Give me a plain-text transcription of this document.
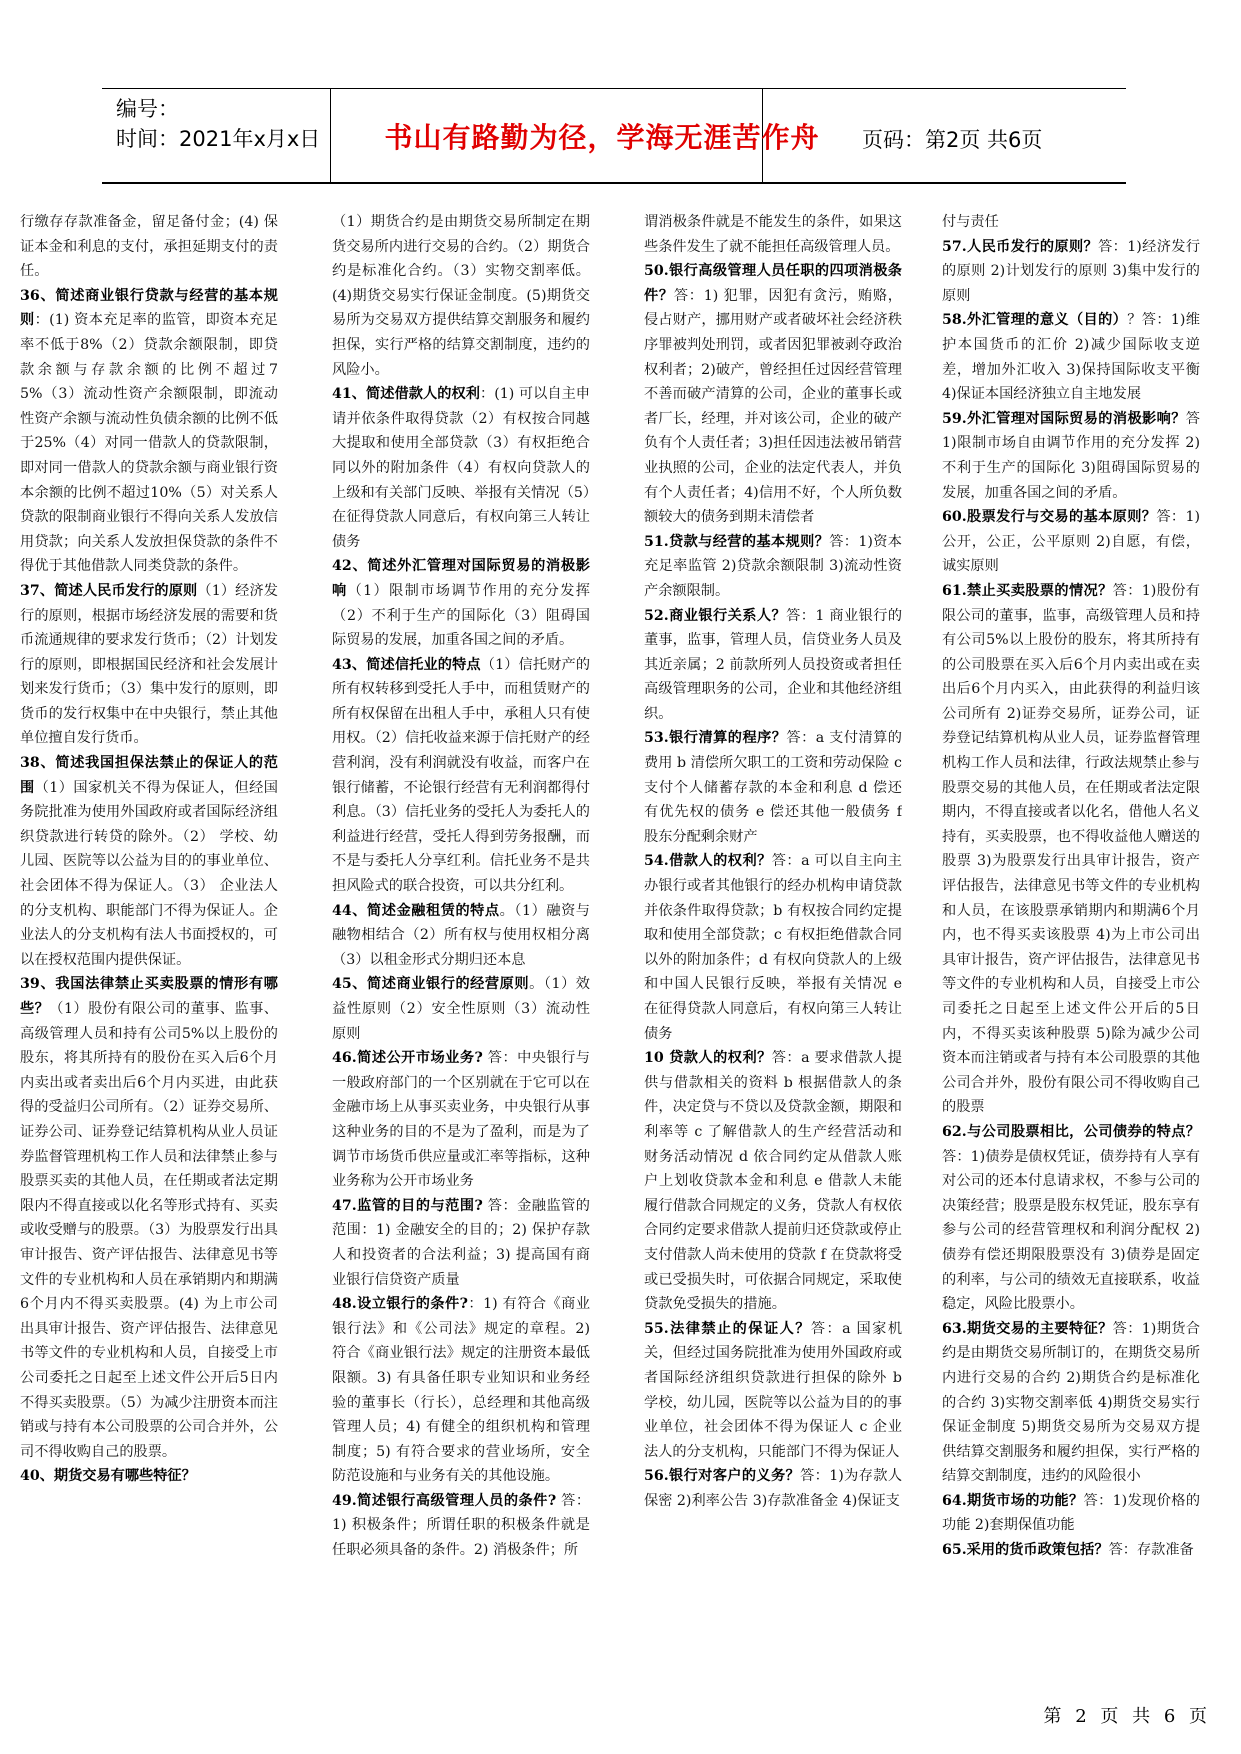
编号：
时间：2021年x月x日	书山有路勤为径，学海无涯苦作舟	页码：第2页 共6页

行缴存存款准备金，留足备付金；(4) 保证本金和利息的支付，承担延期支付的责任。

36、简述商业银行贷款与经营的基本规则：(1) 资本充足率的监管，即资本充足率不低于8%（2）贷款余额限制，即贷款余额与存款余额的比例不超过75%（3）流动性资产余额限制，即流动性资产余额与流动性负债余额的比例不低于25%（4）对同一借款人的贷款限制，即对同一借款人的贷款余额与商业银行资本余额的比例不超过10%（5）对关系人贷款的限制商业银行不得向关系人发放信用贷款；向关系人发放担保贷款的条件不得优于其他借款人同类贷款的条件。

37、简述人民币发行的原则（1）经济发行的原则，根据市场经济发展的需要和货币流通规律的要求发行货币；（2）计划发行的原则，即根据国民经济和社会发展计划来发行货币；（3）集中发行的原则，即货币的发行权集中在中央银行，禁止其他单位擅自发行货币。

38、简述我国担保法禁止的保证人的范围（1）国家机关不得为保证人，但经国务院批准为使用外国政府或者国际经济组织贷款进行转贷的除外。（2） 学校、幼儿园、医院等以公益为目的的事业单位、社会团体不得为保证人。（3） 企业法人的分支机构、职能部门不得为保证人。企业法人的分支机构有法人书面授权的，可以在授权范围内提供保证。

39、我国法律禁止买卖股票的情形有哪些？（1）股份有限公司的董事、监事、高级管理人员和持有公司5%以上股份的股东，将其所持有的股份在买入后6个月内卖出或者卖出后6个月内买进，由此获得的受益归公司所有。（2）证券交易所、证券公司、证券登记结算机构从业人员证券监督管理机构工作人员和法律禁止参与股票买卖的其他人员，在任期或者法定期限内不得直接或以化名等形式持有、买卖或收受赠与的股票。（3）为股票发行出具审计报告、资产评估报告、法律意见书等文件的专业机构和人员在承销期内和期满6个月内不得买卖股票。(4) 为上市公司出具审计报告、资产评估报告、法律意见书等文件的专业机构和人员，自接受上市公司委托之日起至上述文件公开后5日内不得买卖股票。（5）为减少注册资本而注销或与持有本公司股票的公司合并外，公司不得收购自己的股票。

40、期货交易有哪些特征？

（1）期货合约是由期货交易所制定在期货交易所内进行交易的合约。（2）期货合约是标准化合约。（3）实物交割率低。(4)期货交易实行保证金制度。(5)期货交易所为交易双方提供结算交割服务和履约担保，实行严格的结算交割制度，违约的风险小。

41、简述借款人的权利：(1) 可以自主申请并依条件取得贷款（2）有权按合同越大提取和使用全部贷款（3）有权拒绝合同以外的附加条件（4）有权向贷款人的上级和有关部门反映、举报有关情况（5）在征得贷款人同意后，有权向第三人转让债务

42、简述外汇管理对国际贸易的消极影响（1）限制市场调节作用的充分发挥（2）不利于生产的国际化（3）阻碍国际贸易的发展，加重各国之间的矛盾。

43、简述信托业的特点（1）信托财产的所有权转移到受托人手中，而租赁财产的所有权保留在出租人手中，承租人只有使用权。（2）信托收益来源于信托财产的经营利润，没有利润就没有收益，而客户在银行储蓄，不论银行经营有无利润都得付利息。（3）信托业务的受托人为委托人的利益进行经营，受托人得到劳务报酬，而不是与委托人分享红利。信托业务不是共担风险式的联合投资，可以共分红利。

44、简述金融租赁的特点。（1）融资与融物相结合（2）所有权与使用权相分离（3）以租金形式分期归还本息

45、简述商业银行的经营原则。（1）效益性原则（2）安全性原则（3）流动性原则

46.简述公开市场业务? 答：中央银行与一般政府部门的一个区别就在于它可以在金融市场上从事买卖业务，中央银行从事这种业务的目的不是为了盈利，而是为了调节市场货币供应量或汇率等指标，这种业务称为公开市场业务

47.监管的目的与范围? 答：金融监管的范围：1) 金融安全的目的；2) 保护存款人和投资者的合法利益；3) 提高国有商业银行信贷资产质量

48.设立银行的条件?：1) 有符合《商业银行法》和《公司法》规定的章程。2) 符合《商业银行法》规定的注册资本最低限额。3) 有具备任职专业知识和业务经验的董事长（行长），总经理和其他高级管理人员；4) 有健全的组织机构和管理制度；5) 有符合要求的营业场所，安全防范设施和与业务有关的其他设施。

49.简述银行高级管理人员的条件? 答：1) 积极条件；所谓任职的积极条件就是任职必须具备的条件。2) 消极条件；所

谓消极条件就是不能发生的条件，如果这些条件发生了就不能担任高级管理人员。

50.银行高级管理人员任职的四项消极条件？答：1) 犯罪，因犯有贪污，贿赂，侵占财产，挪用财产或者破坏社会经济秩序罪被判处刑罚，或者因犯罪被剥夺政治权利者；2)破产，曾经担任过因经营管理不善而破产清算的公司，企业的董事长或者厂长，经理，并对该公司，企业的破产负有个人责任者；3)担任因违法被吊销营业执照的公司，企业的法定代表人，并负有个人责任者；4)信用不好，个人所负数额较大的债务到期未清偿者

51.贷款与经营的基本规则？答：1)资本充足率监管 2)贷款余额限制 3)流动性资产余额限制。

52.商业银行关系人？答：1 商业银行的董事，监事，管理人员，信贷业务人员及其近亲属；2 前款所列人员投资或者担任高级管理职务的公司，企业和其他经济组织。

53.银行清算的程序？答：a 支付清算的费用 b 清偿所欠职工的工资和劳动保险 c 支付个人储蓄存款的本金和利息 d 偿还有优先权的债务 e 偿还其他一般债务 f 股东分配剩余财产

54.借款人的权利？答：a 可以自主向主办银行或者其他银行的经办机构申请贷款并依条件取得贷款；b 有权按合同约定提取和使用全部贷款；c 有权拒绝借款合同以外的附加条件；d 有权向贷款人的上级和中国人民银行反映，举报有关情况 e 在征得贷款人同意后，有权向第三人转让债务

10 贷款人的权利？答：a 要求借款人提供与借款相关的资料 b 根据借款人的条件，决定贷与不贷以及贷款金额，期限和利率等 c 了解借款人的生产经营活动和财务活动情况 d 依合同约定从借款人账户上划收贷款本金和利息 e 借款人未能履行借款合同规定的义务，贷款人有权依合同约定要求借款人提前归还贷款或停止支付借款人尚未使用的贷款 f 在贷款将受或已受损失时，可依据合同规定，采取使贷款免受损失的措施。

55.法律禁止的保证人？答：a 国家机关，但经过国务院批准为使用外国政府或者国际经济组织贷款进行担保的除外 b 学校，幼儿园，医院等以公益为目的的事业单位，社会团体不得为保证人 c 企业法人的分支机构，只能部门不得为保证人

56.银行对客户的义务？答：1)为存款人保密 2)利率公告 3)存款准备金 4)保证支

付与责任

57.人民币发行的原则？答：1)经济发行的原则 2)计划发行的原则 3)集中发行的原则

58.外汇管理的意义（目的）？答：1)维护本国货币的汇价 2)减少国际收支逆差，增加外汇收入 3)保持国际收支平衡 4)保证本国经济独立自主地发展

59.外汇管理对国际贸易的消极影响？答 1)限制市场自由调节作用的充分发挥 2)不利于生产的国际化 3)阻碍国际贸易的发展，加重各国之间的矛盾。

60.股票发行与交易的基本原则？答：1)公开，公正，公平原则 2)自愿，有偿，诚实原则

61.禁止买卖股票的情况？答：1)股份有限公司的董事，监事，高级管理人员和持有公司5%以上股份的股东，将其所持有的公司股票在买入后6个月内卖出或在卖出后6个月内买入，由此获得的利益归该公司所有 2)证券交易所，证券公司，证券登记结算机构从业人员，证券监督管理机构工作人员和法律，行政法规禁止参与股票交易的其他人员，在任期或者法定限期内，不得直接或者以化名，借他人名义持有，买卖股票，也不得收益他人赠送的股票 3)为股票发行出具审计报告，资产评估报告，法律意见书等文件的专业机构和人员，在该股票承销期内和期满6个月内，也不得买卖该股票 4)为上市公司出具审计报告，资产评估报告，法律意见书等文件的专业机构和人员，自接受上市公司委托之日起至上述文件公开后的5日内，不得买卖该种股票 5)除为减少公司资本而注销或者与持有本公司股票的其他公司合并外，股份有限公司不得收购自己的股票

62.与公司股票相比，公司债券的特点？答：1)债券是债权凭证，债券持有人享有对公司的还本付息请求权，不参与公司的决策经营；股票是股东权凭证，股东享有参与公司的经营管理权和利润分配权 2)债券有偿还期限股票没有 3)债券是固定的利率，与公司的绩效无直接联系，收益稳定，风险比股票小。

63.期货交易的主要特征？答：1)期货合约是由期货交易所制订的，在期货交易所内进行交易的合约 2)期货合约是标准化的合约 3)实物交割率低 4)期货交易实行保证金制度 5)期货交易所为交易双方提供结算交割服务和履约担保，实行严格的结算交割制度，违约的风险很小

64.期货市场的功能？答：1)发现价格的功能 2)套期保值功能

65.采用的货币政策包括？答：存款准备

第 2 页 共 6 页
